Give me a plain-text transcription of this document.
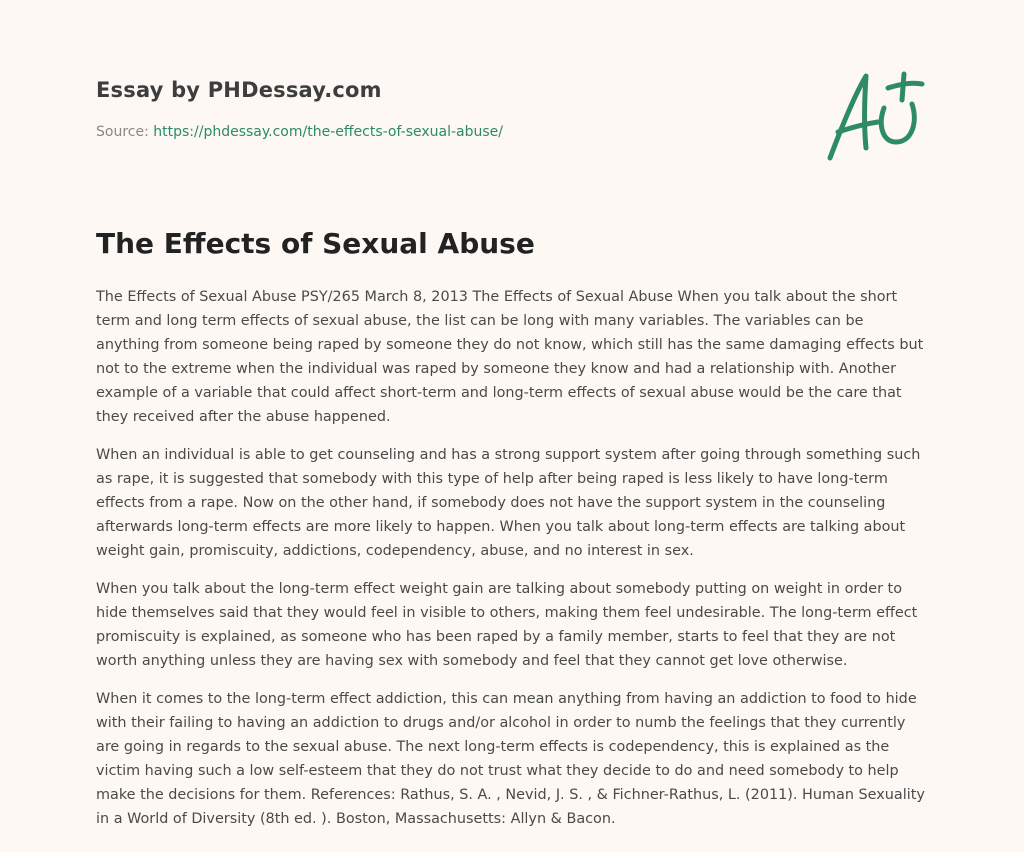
Essay by PHDessay.com
Source: https://phdessay.com/the-effects-of-sexual-abuse/
The Effects of Sexual Abuse

The Effects of Sexual Abuse PSY/265 March 8, 2013 The Effects of Sexual Abuse When you talk about the short term and long term effects of sexual abuse, the list can be long with many variables. The variables can be anything from someone being raped by someone they do not know, which still has the same damaging effects but not to the extreme when the individual was raped by someone they know and had a relationship with. Another example of a variable that could affect short-term and long-term effects of sexual abuse would be the care that they received after the abuse happened.

When an individual is able to get counseling and has a strong support system after going through something such as rape, it is suggested that somebody with this type of help after being raped is less likely to have long-term effects from a rape. Now on the other hand, if somebody does not have the support system in the counseling afterwards long-term effects are more likely to happen. When you talk about long-term effects are talking about weight gain, promiscuity, addictions, codependency, abuse, and no interest in sex.

When you talk about the long-term effect weight gain are talking about somebody putting on weight in order to hide themselves said that they would feel in visible to others, making them feel undesirable. The long-term effect promiscuity is explained, as someone who has been raped by a family member, starts to feel that they are not worth anything unless they are having sex with somebody and feel that they cannot get love otherwise.

When it comes to the long-term effect addiction, this can mean anything from having an addiction to food to hide with their failing to having an addiction to drugs and/or alcohol in order to numb the feelings that they currently are going in regards to the sexual abuse. The next long-term effects is codependency, this is explained as the victim having such a low self-esteem that they do not trust what they decide to do and need somebody to help make the decisions for them. References: Rathus, S. A. , Nevid, J. S. , & Fichner-Rathus, L. (2011). Human Sexuality in a World of Diversity (8th ed. ). Boston, Massachusetts: Allyn & Bacon.
